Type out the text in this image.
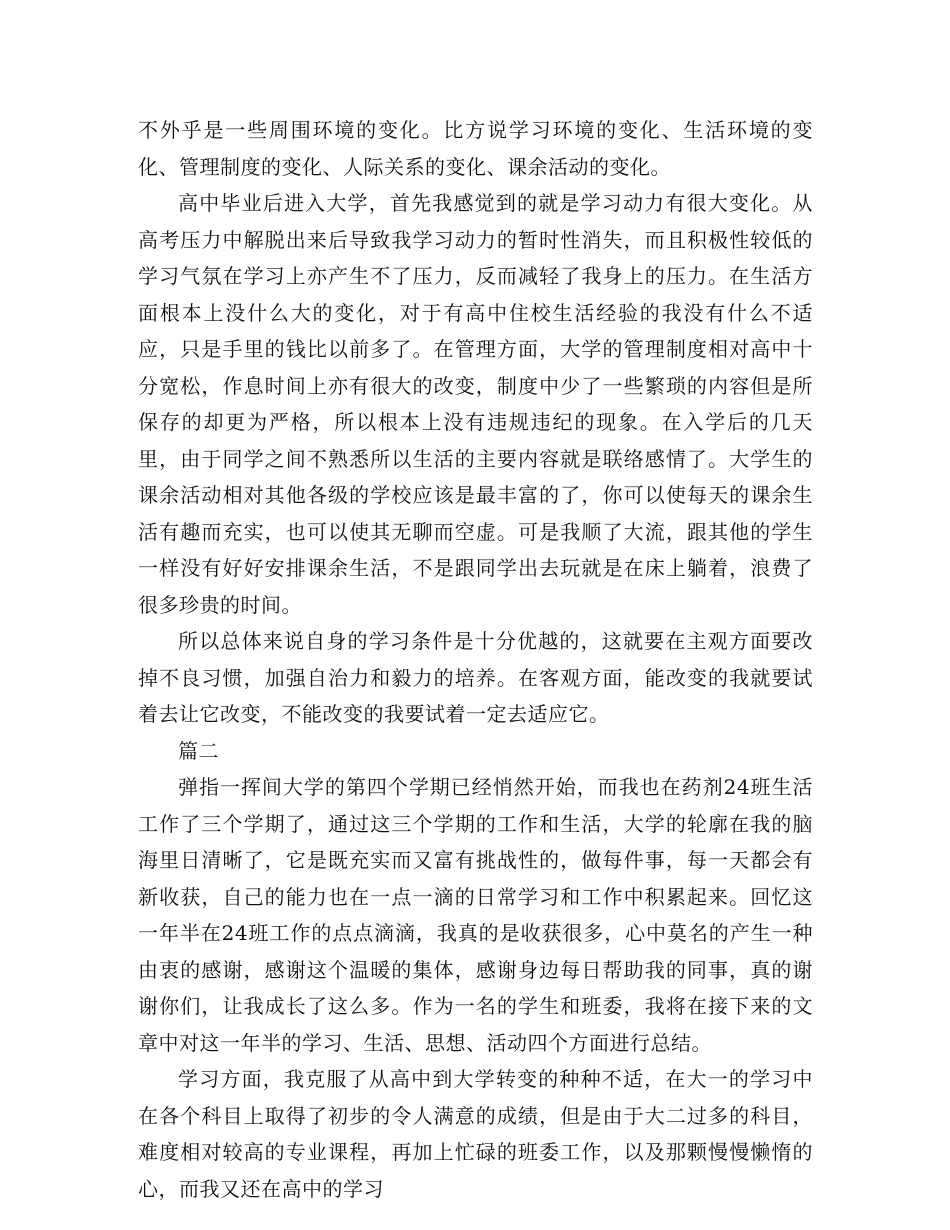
不外乎是一些周围环境的变化。比方说学习环境的变化、生活环境的变化、管理制度的变化、人际关系的变化、课余活动的变化。

高中毕业后进入大学，首先我感觉到的就是学习动力有很大变化。从高考压力中解脱出来后导致我学习动力的暂时性消失，而且积极性较低的学习气氛在学习上亦产生不了压力，反而减轻了我身上的压力。在生活方面根本上没什么大的变化，对于有高中住校生活经验的我没有什么不适应，只是手里的钱比以前多了。在管理方面，大学的管理制度相对高中十分宽松，作息时间上亦有很大的改变，制度中少了一些繁琐的内容但是所保存的却更为严格，所以根本上没有违规违纪的现象。在入学后的几天里，由于同学之间不熟悉所以生活的主要内容就是联络感情了。大学生的课余活动相对其他各级的学校应该是最丰富的了，你可以使每天的课余生活有趣而充实，也可以使其无聊而空虚。可是我顺了大流，跟其他的学生一样没有好好安排课余生活，不是跟同学出去玩就是在床上躺着，浪费了很多珍贵的时间。

所以总体来说自身的学习条件是十分优越的，这就要在主观方面要改掉不良习惯，加强自治力和毅力的培养。在客观方面，能改变的我就要试着去让它改变，不能改变的我要试着一定去适应它。

篇二

弹指一挥间大学的第四个学期已经悄然开始，而我也在药剂24班生活工作了三个学期了，通过这三个学期的工作和生活，大学的轮廓在我的脑海里日清晰了，它是既充实而又富有挑战性的，做每件事，每一天都会有新收获，自己的能力也在一点一滴的日常学习和工作中积累起来。回忆这一年半在24班工作的点点滴滴，我真的是收获很多，心中莫名的产生一种由衷的感谢，感谢这个温暖的集体，感谢身边每日帮助我的同事，真的谢谢你们，让我成长了这么多。作为一名的学生和班委，我将在接下来的文章中对这一年半的学习、生活、思想、活动四个方面进行总结。

学习方面，我克服了从高中到大学转变的种种不适，在大一的学习中在各个科目上取得了初步的令人满意的成绩，但是由于大二过多的科目，难度相对较高的专业课程，再加上忙碌的班委工作，以及那颗慢慢懒惰的心，而我又还在高中的学习
